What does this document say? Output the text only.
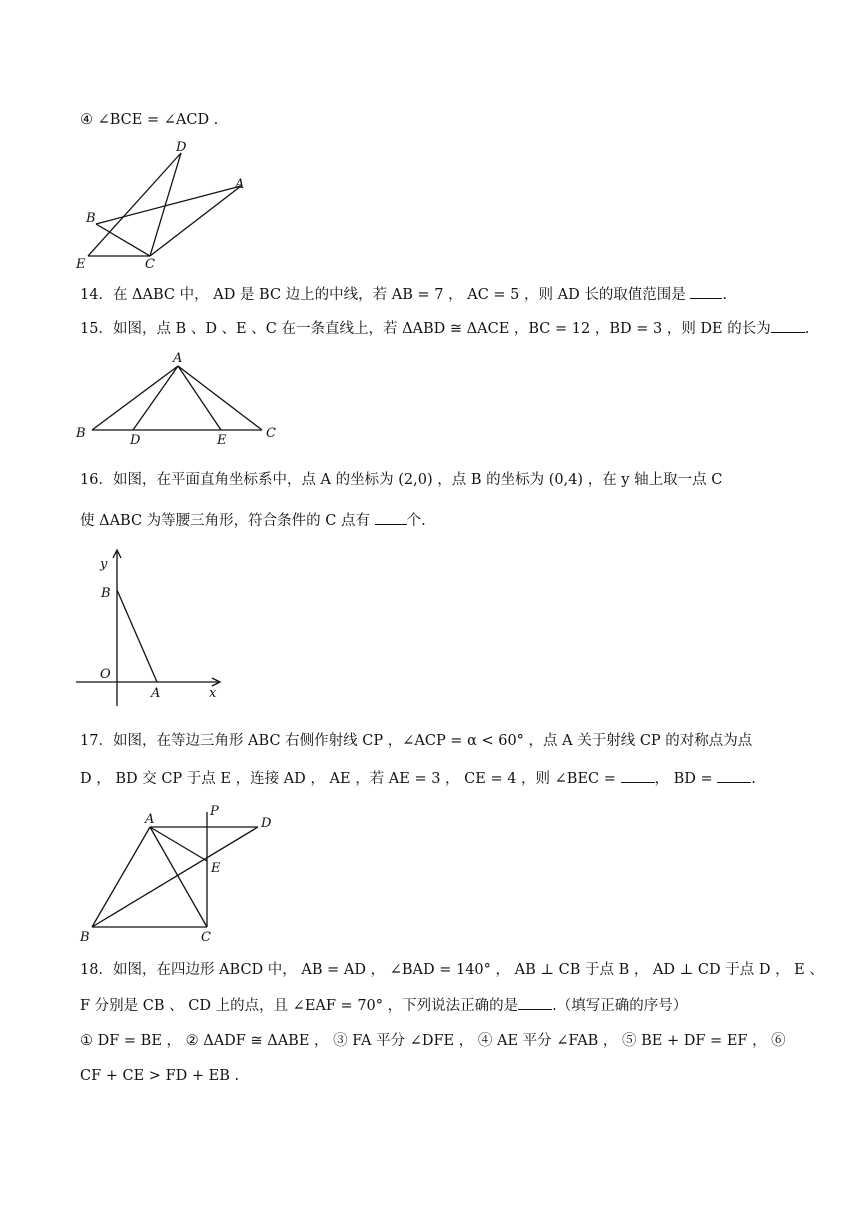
④ ∠BCE = ∠ACD .
D
A
B
E	C
14．在 ΔABC 中， AD 是 BC 边上的中线，若 AB = 7 ， AC = 5 ，则 AD 长的取值范围是 .
15．如图，点 B 、D 、E 、C 在一条直线上，若 ΔABD ≅ ΔACE ，BC = 12 ，BD = 3 ，则 DE 的长为 .
A
B	D	E	C
16．如图，在平面直角坐标系中，点 A 的坐标为 (2,0) ，点 B 的坐标为 (0,4) ，在 y 轴上取一点 C
使 ΔABC 为等腰三角形，符合条件的 C 点有 个.
y
x
B
O
A
17．如图，在等边三角形 ABC 右侧作射线 CP ，∠ACP = α < 60° ，点 A 关于射线 CP 的对称点为点
D ， BD 交 CP 于点 E ，连接 AD ， AE ，若 AE = 3 ， CE = 4 ，则 ∠BEC = ， BD = .
A
P
D
E
B	C
18．如图，在四边形 ABCD 中， AB = AD ， ∠BAD = 140° ， AB ⊥ CB 于点 B ， AD ⊥ CD 于点 D ， E 、
F 分别是 CB 、 CD 上的点，且 ∠EAF = 70° ，下列说法正确的是 .（填写正确的序号）
① DF = BE ， ② ΔADF ≅ ΔABE ， ③ FA 平分 ∠DFE ， ④ AE 平分 ∠FAB ， ⑤ BE + DF = EF ， ⑥
CF + CE > FD + EB .
